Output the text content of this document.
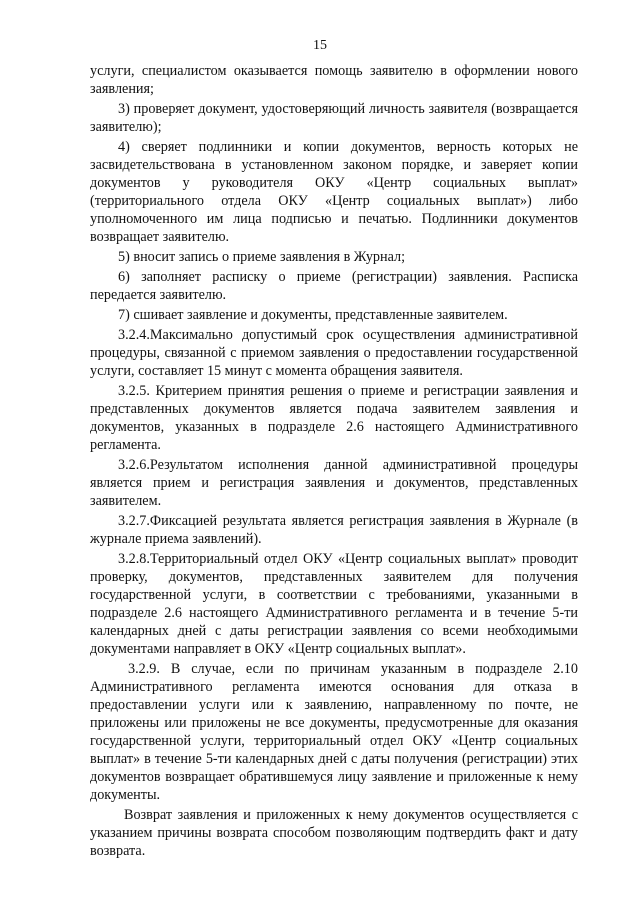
15

услуги, специалистом оказывается помощь заявителю в оформлении нового заявления;

3) проверяет документ, удостоверяющий личность заявителя (возвращается заявителю);

4) сверяет подлинники и копии документов, верность которых не засвидетельствована в установленном законом порядке, и заверяет копии документов у руководителя ОКУ «Центр социальных выплат» (территориального отдела ОКУ «Центр социальных выплат») либо уполномоченного им лица подписью и печатью. Подлинники документов возвращает заявителю.

5) вносит запись о приеме заявления в Журнал;

6) заполняет расписку о приеме (регистрации) заявления. Расписка передается заявителю.

7) сшивает заявление и документы, представленные заявителем.

3.2.4.Максимально допустимый срок осуществления административной процедуры, связанной с приемом заявления о предоставлении государственной услуги, составляет 15 минут с момента обращения заявителя.

3.2.5. Критерием принятия решения о приеме и регистрации заявления и представленных документов является подача заявителем заявления и документов, указанных в подразделе 2.6 настоящего Административного регламента.

3.2.6.Результатом исполнения данной административной процедуры является прием и регистрация заявления и документов, представленных заявителем.

3.2.7.Фиксацией результата является регистрация заявления в Журнале (в журнале приема заявлений).

3.2.8.Территориальный отдел ОКУ «Центр социальных выплат» проводит проверку, документов, представленных заявителем для получения государственной услуги, в соответствии с требованиями, указанными в подразделе 2.6 настоящего Административного регламента и в течение 5-ти календарных дней с даты регистрации заявления со всеми необходимыми документами направляет в ОКУ «Центр социальных выплат».

3.2.9. В случае, если по причинам указанным в подразделе 2.10 Административного регламента имеются основания для отказа в предоставлении услуги или к заявлению, направленному по почте, не приложены или приложены не все документы, предусмотренные для оказания государственной услуги, территориальный отдел ОКУ «Центр социальных выплат» в течение 5-ти календарных дней с даты получения (регистрации) этих документов возвращает обратившемуся лицу заявление и приложенные к нему документы.

Возврат заявления и приложенных к нему документов осуществляется с указанием причины возврата способом позволяющим подтвердить факт и дату возврата.
